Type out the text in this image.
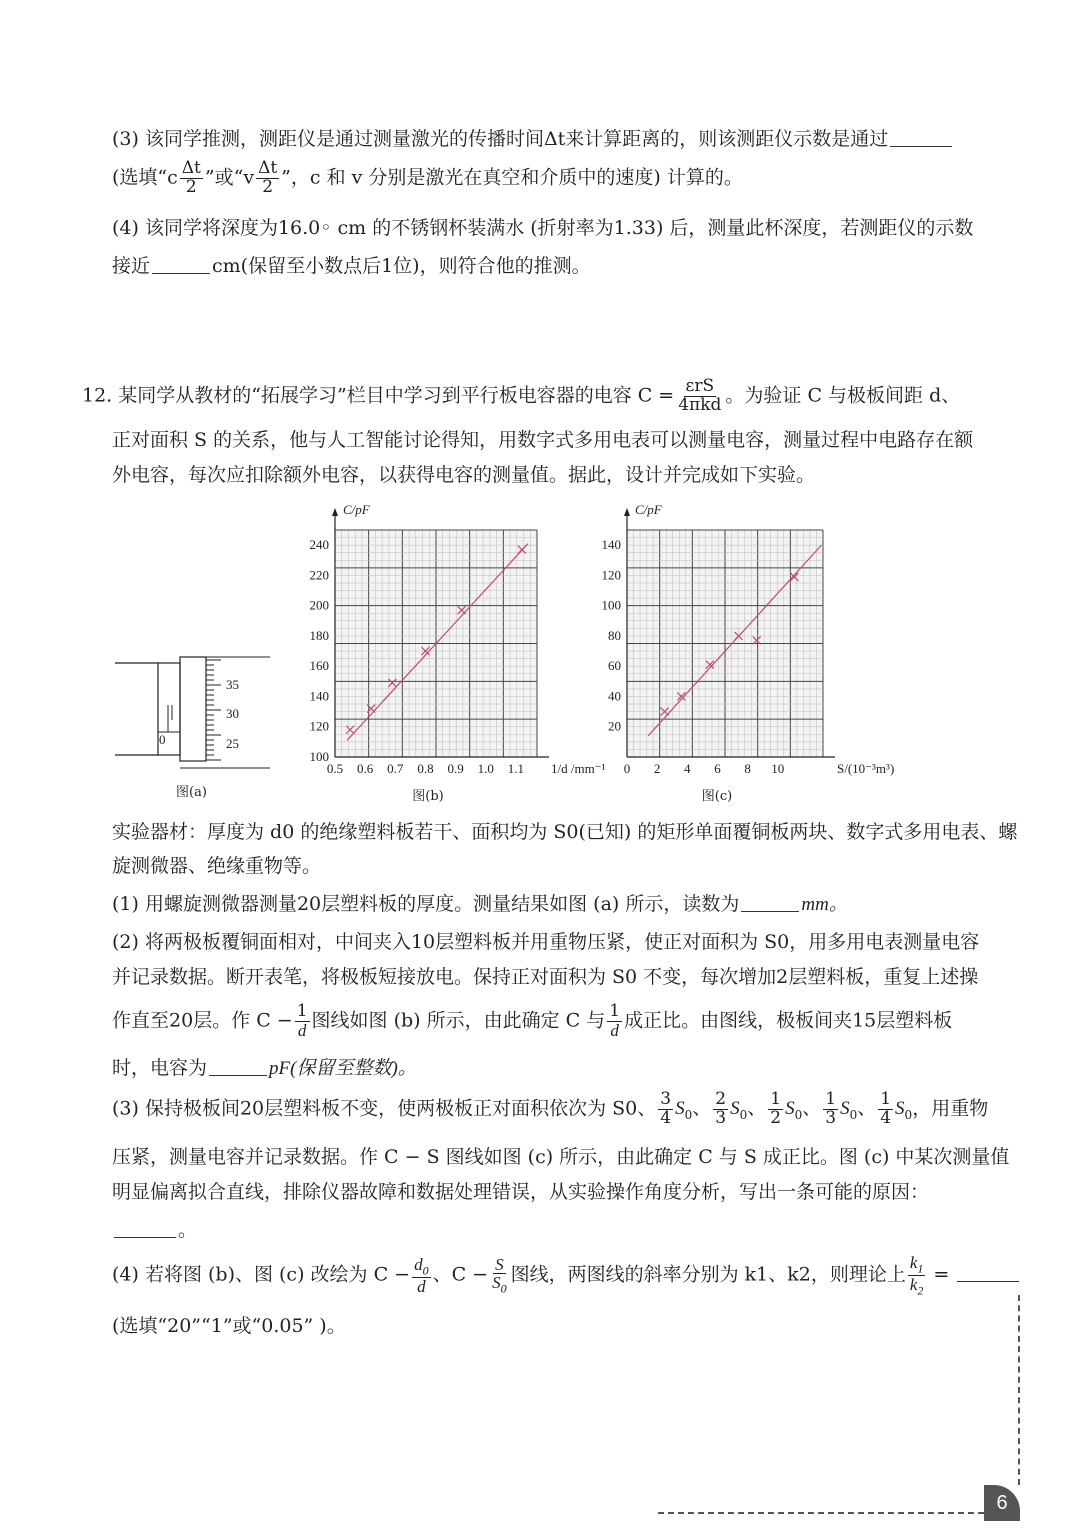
(3) 该同学推测，测距仪是通过测量激光的传播时间Δt来计算距离的，则该测距仪示数是通过
(选填“$c \frac{\Delta t}{2}$ ”或“$v \frac{\Delta t}{2}$ ”，c 和 v 分别是激光在真空和介质中的速度) 计算的。
(4) 该同学将深度为16.0◦ cm 的不锈钢杯装满水 (折射率为1.33) 后，测量此杯深度，若测距仪的示数
接近	cm(保留至小数点后1位)，则符合他的推测。
12. 某同学从教材的“拓展学习”栏目中学习到平行板电容器的电容 $C = \frac{\text{εrS}}{\text{4πkd}}$ 。为验证 C 与极板间距 d、
正对面积 S 的关系，他与人工智能讨论得知，用数字式多用电表可以测量电容，测量过程中电路存在额
外电容，每次应扣除额外电容，以获得电容的测量值。据此，设计并完成如下实验。
35
30
25
0
图(a)
100
120
140
160
180
200
220
240
0.5 0.6 0.7 0.8 0.9 1.0 1.1
C/pF
1/d /mm⁻¹
图(b)
20
40
60
80
100
120
140
0 2 4 6 8 10
C/pF
S/(10⁻³m³)
图(c)
实验器材：厚度为 d0 的绝缘塑料板若干、面积均为 S0(已知) 的矩形单面覆铜板两块、数字式多用电表、螺
旋测微器、绝缘重物等。
(1) 用螺旋测微器测量20层塑料板的厚度。测量结果如图 (a) 所示，读数为	mm。
(2) 将两极板覆铜面相对，中间夹入10层塑料板并用重物压紧，使正对面积为 S0，用多用电表测量电容
并记录数据。断开表笔，将极板短接放电。保持正对面积为 S0 不变，每次增加2层塑料板，重复上述操
作直至20层。作 $C - \frac{1}{d}$ 图线如图 (b) 所示，由此确定 C 与 $\frac{1}{d}$ 成正比。由图线，极板间夹15层塑料板
时，电容为	pF(保留至整数)。
(3) 保持极板间20层塑料板不变，使两极板正对面积依次为 S0、 $\frac{3}{4} S_0$、 $\frac{2}{3} S_0$、 $\frac{1}{2} S_0$、 $\frac{1}{3} S_0$、 $\frac{1}{4} S_0$，用重物
压紧，测量电容并记录数据。作 C − S 图线如图 (c) 所示，由此确定 C 与 S 成正比。图 (c) 中某次测量值
明显偏离拟合直线，排除仪器故障和数据处理错误，从实验操作角度分析，写出一条可能的原因：
。
(4) 若将图 (b)、图 (c) 改绘为 $C - \frac{d_0}{d}$ 、$C - \frac{S}{S_0}$ 图线，两图线的斜率分别为 k1、k2，则理论上 $\frac{k_1}{k_2}$ =
(选填“20”“1”或“0.05” )。
6
